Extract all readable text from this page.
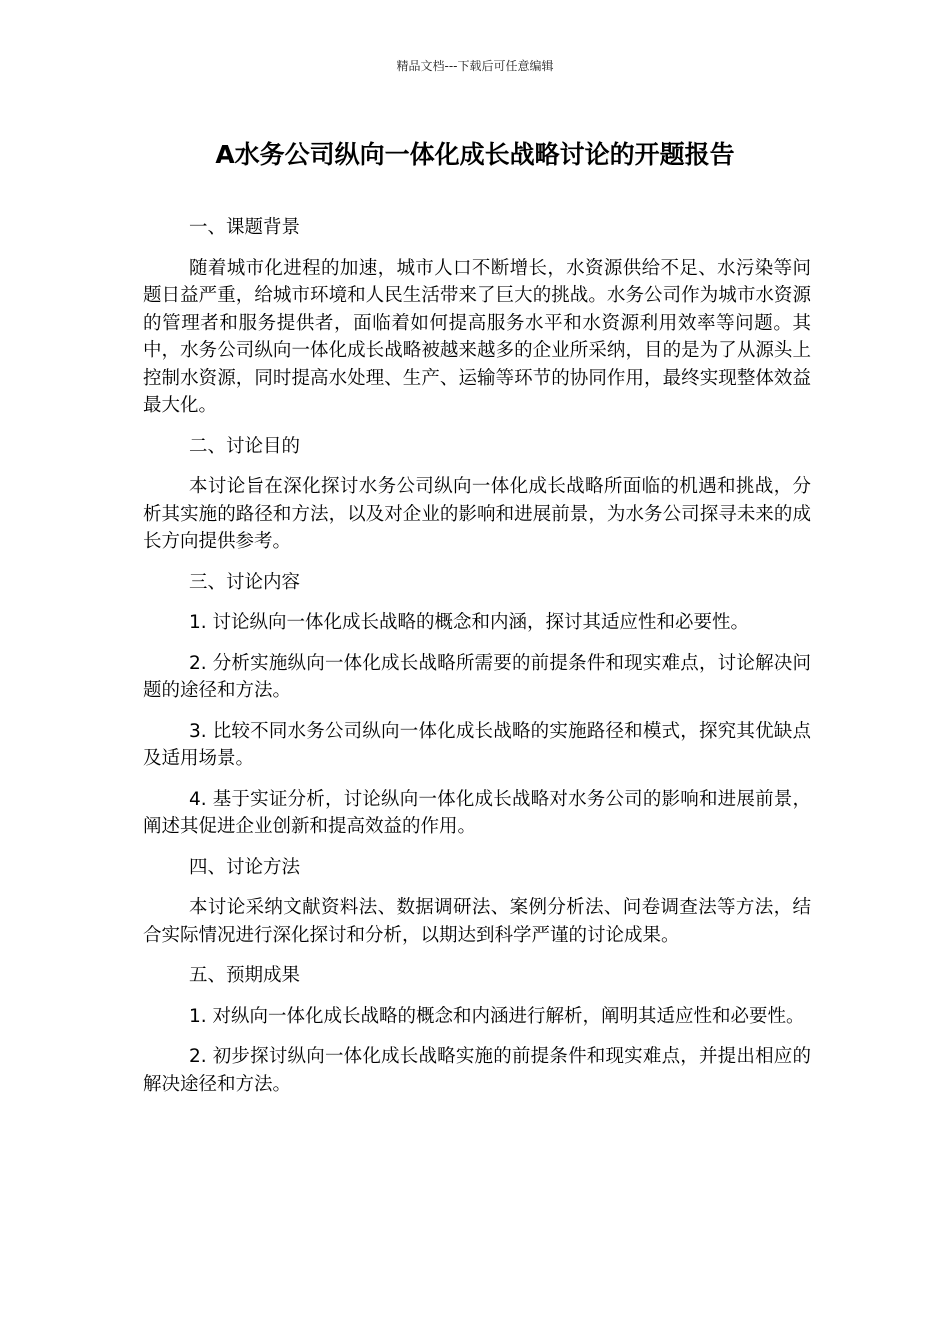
精品文档---下载后可任意编辑
A水务公司纵向一体化成长战略讨论的开题报告

一、课题背景

随着城市化进程的加速，城市人口不断增长，水资源供给不足、水污染等问题日益严重，给城市环境和人民生活带来了巨大的挑战。水务公司作为城市水资源的管理者和服务提供者，面临着如何提高服务水平和水资源利用效率等问题。其中，水务公司纵向一体化成长战略被越来越多的企业所采纳，目的是为了从源头上控制水资源，同时提高水处理、生产、运输等环节的协同作用，最终实现整体效益最大化。

二、讨论目的

本讨论旨在深化探讨水务公司纵向一体化成长战略所面临的机遇和挑战，分析其实施的路径和方法，以及对企业的影响和进展前景，为水务公司探寻未来的成长方向提供参考。

三、讨论内容

1. 讨论纵向一体化成长战略的概念和内涵，探讨其适应性和必要性。

2. 分析实施纵向一体化成长战略所需要的前提条件和现实难点，讨论解决问题的途径和方法。

3. 比较不同水务公司纵向一体化成长战略的实施路径和模式，探究其优缺点及适用场景。

4. 基于实证分析，讨论纵向一体化成长战略对水务公司的影响和进展前景，阐述其促进企业创新和提高效益的作用。

四、讨论方法

本讨论采纳文献资料法、数据调研法、案例分析法、问卷调查法等方法，结合实际情况进行深化探讨和分析，以期达到科学严谨的讨论成果。

五、预期成果

1. 对纵向一体化成长战略的概念和内涵进行解析，阐明其适应性和必要性。

2. 初步探讨纵向一体化成长战略实施的前提条件和现实难点，并提出相应的解决途径和方法。
